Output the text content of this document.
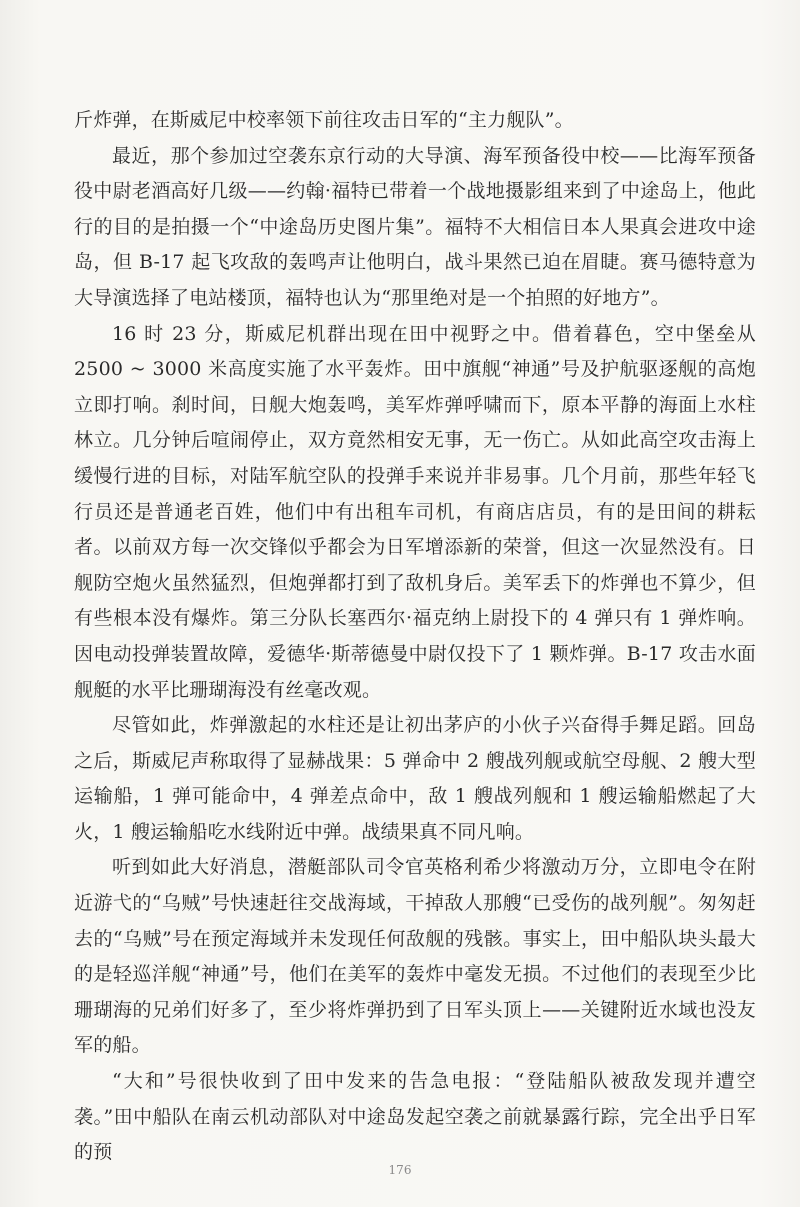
斤炸弹，在斯威尼中校率领下前往攻击日军的“主力舰队”。

最近，那个参加过空袭东京行动的大导演、海军预备役中校——比海军预备役中尉老酒高好几级——约翰·福特已带着一个战地摄影组来到了中途岛上，他此行的目的是拍摄一个“中途岛历史图片集”。福特不大相信日本人果真会进攻中途岛，但 B-17 起飞攻敌的轰鸣声让他明白，战斗果然已迫在眉睫。赛马德特意为大导演选择了电站楼顶，福特也认为“那里绝对是一个拍照的好地方”。

16 时 23 分，斯威尼机群出现在田中视野之中。借着暮色，空中堡垒从 2500 ~ 3000 米高度实施了水平轰炸。田中旗舰“神通”号及护航驱逐舰的高炮立即打响。刹时间，日舰大炮轰鸣，美军炸弹呼啸而下，原本平静的海面上水柱林立。几分钟后喧闹停止，双方竟然相安无事，无一伤亡。从如此高空攻击海上缓慢行进的目标，对陆军航空队的投弹手来说并非易事。几个月前，那些年轻飞行员还是普通老百姓，他们中有出租车司机，有商店店员，有的是田间的耕耘者。以前双方每一次交锋似乎都会为日军增添新的荣誉，但这一次显然没有。日舰防空炮火虽然猛烈，但炮弹都打到了敌机身后。美军丢下的炸弹也不算少，但有些根本没有爆炸。第三分队长塞西尔·福克纳上尉投下的 4 弹只有 1 弹炸响。因电动投弹装置故障，爱德华·斯蒂德曼中尉仅投下了 1 颗炸弹。B-17 攻击水面舰艇的水平比珊瑚海没有丝毫改观。

尽管如此，炸弹激起的水柱还是让初出茅庐的小伙子兴奋得手舞足蹈。回岛之后，斯威尼声称取得了显赫战果：5 弹命中 2 艘战列舰或航空母舰、2 艘大型运输船，1 弹可能命中，4 弹差点命中，敌 1 艘战列舰和 1 艘运输船燃起了大火，1 艘运输船吃水线附近中弹。战绩果真不同凡响。

听到如此大好消息，潜艇部队司令官英格利希少将激动万分，立即电令在附近游弋的“乌贼”号快速赶往交战海域，干掉敌人那艘“已受伤的战列舰”。匆匆赶去的“乌贼”号在预定海域并未发现任何敌舰的残骸。事实上，田中船队块头最大的是轻巡洋舰“神通”号，他们在美军的轰炸中毫发无损。不过他们的表现至少比珊瑚海的兄弟们好多了，至少将炸弹扔到了日军头顶上——关键附近水域也没友军的船。

“大和”号很快收到了田中发来的告急电报：“登陆船队被敌发现并遭空袭。”田中船队在南云机动部队对中途岛发起空袭之前就暴露行踪，完全出乎日军的预

176
